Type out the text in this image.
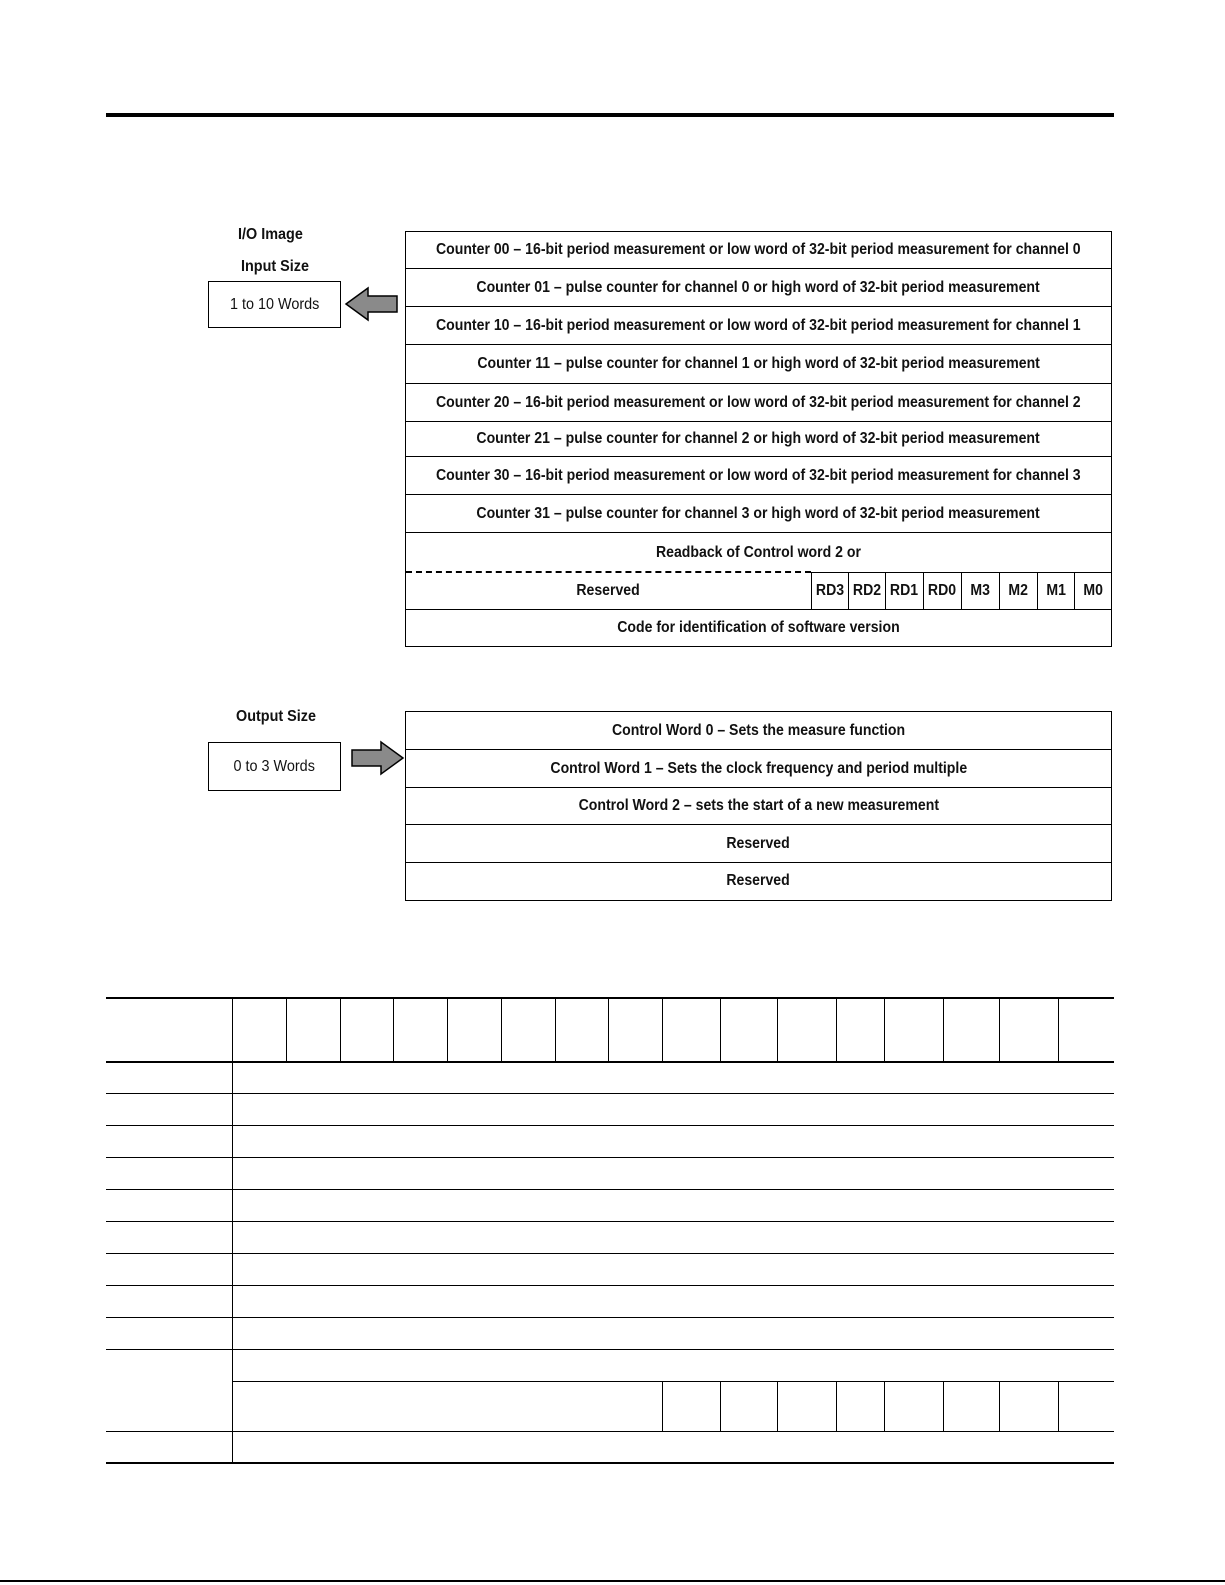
I/O Image
Input Size
1 to 10 Words
Counter 00 – 16-bit period measurement or low word of 32-bit period measurement for channel 0
Counter 01 – pulse counter for channel 0 or high word of 32-bit period measurement
Counter 10 – 16-bit period measurement or low word of 32-bit period measurement for channel 1
Counter 11 – pulse counter for channel 1 or high word of 32-bit period measurement
Counter 20 – 16-bit period measurement or low word of 32-bit period measurement for channel 2
Counter 21 – pulse counter for channel 2 or high word of 32-bit period measurement
Counter 30 – 16-bit period measurement or low word of 32-bit period measurement for channel 3
Counter 31 – pulse counter for channel 3 or high word of 32-bit period measurement
Readback of Control word 2 or
Reserved	RD3 RD2 RD1 RD0 M3 M2 M1 M0
Code for identification of software version
Output Size
0 to 3 Words
Control Word 0 – Sets the measure function
Control Word 1 – Sets the clock frequency and period multiple
Control Word 2 – sets the start of a new measurement
Reserved
Reserved
